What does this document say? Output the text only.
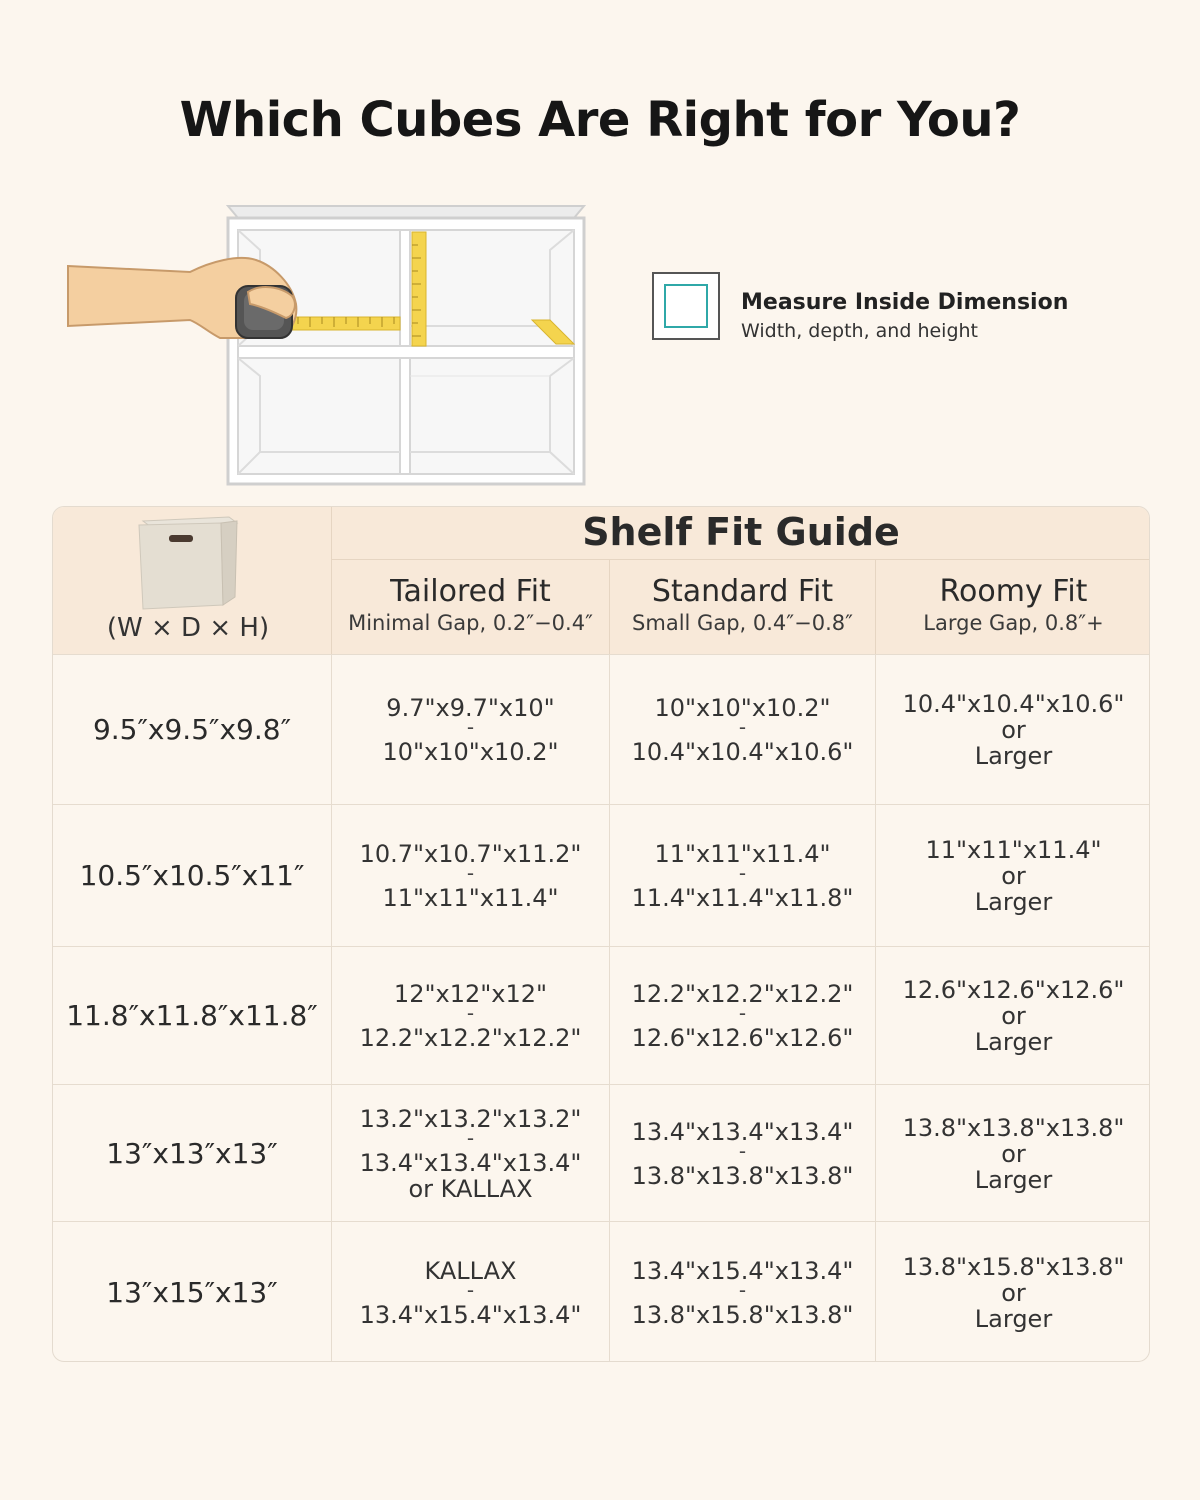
Which Cubes Are Right for You?
Measure Inside Dimension
Width, depth, and height
(W × D × H)
Shelf Fit Guide
Tailored Fit
Minimal Gap, 0.2″−0.4″
Standard Fit
Small Gap, 0.4″−0.8″
Roomy Fit
Large Gap, 0.8″+
9.5″x9.5″x9.8″
9.7"x9.7"x10"
-
10"x10"x10.2"
10"x10"x10.2"
-
10.4"x10.4"x10.6"
10.4"x10.4"x10.6"
or
Larger
10.5″x10.5″x11″
10.7"x10.7"x11.2"
-
11"x11"x11.4"
11"x11"x11.4"
-
11.4"x11.4"x11.8"
11"x11"x11.4"
or
Larger
11.8″x11.8″x11.8″
12"x12"x12"
-
12.2"x12.2"x12.2"
12.2"x12.2"x12.2"
-
12.6"x12.6"x12.6"
12.6"x12.6"x12.6"
or
Larger
13″x13″x13″
13.2"x13.2"x13.2"
-
13.4"x13.4"x13.4"
or KALLAX
13.4"x13.4"x13.4"
-
13.8"x13.8"x13.8"
13.8"x13.8"x13.8"
or
Larger
13″x15″x13″
KALLAX
-
13.4"x15.4"x13.4"
13.4"x15.4"x13.4"
-
13.8"x15.8"x13.8"
13.8"x15.8"x13.8"
or
Larger
